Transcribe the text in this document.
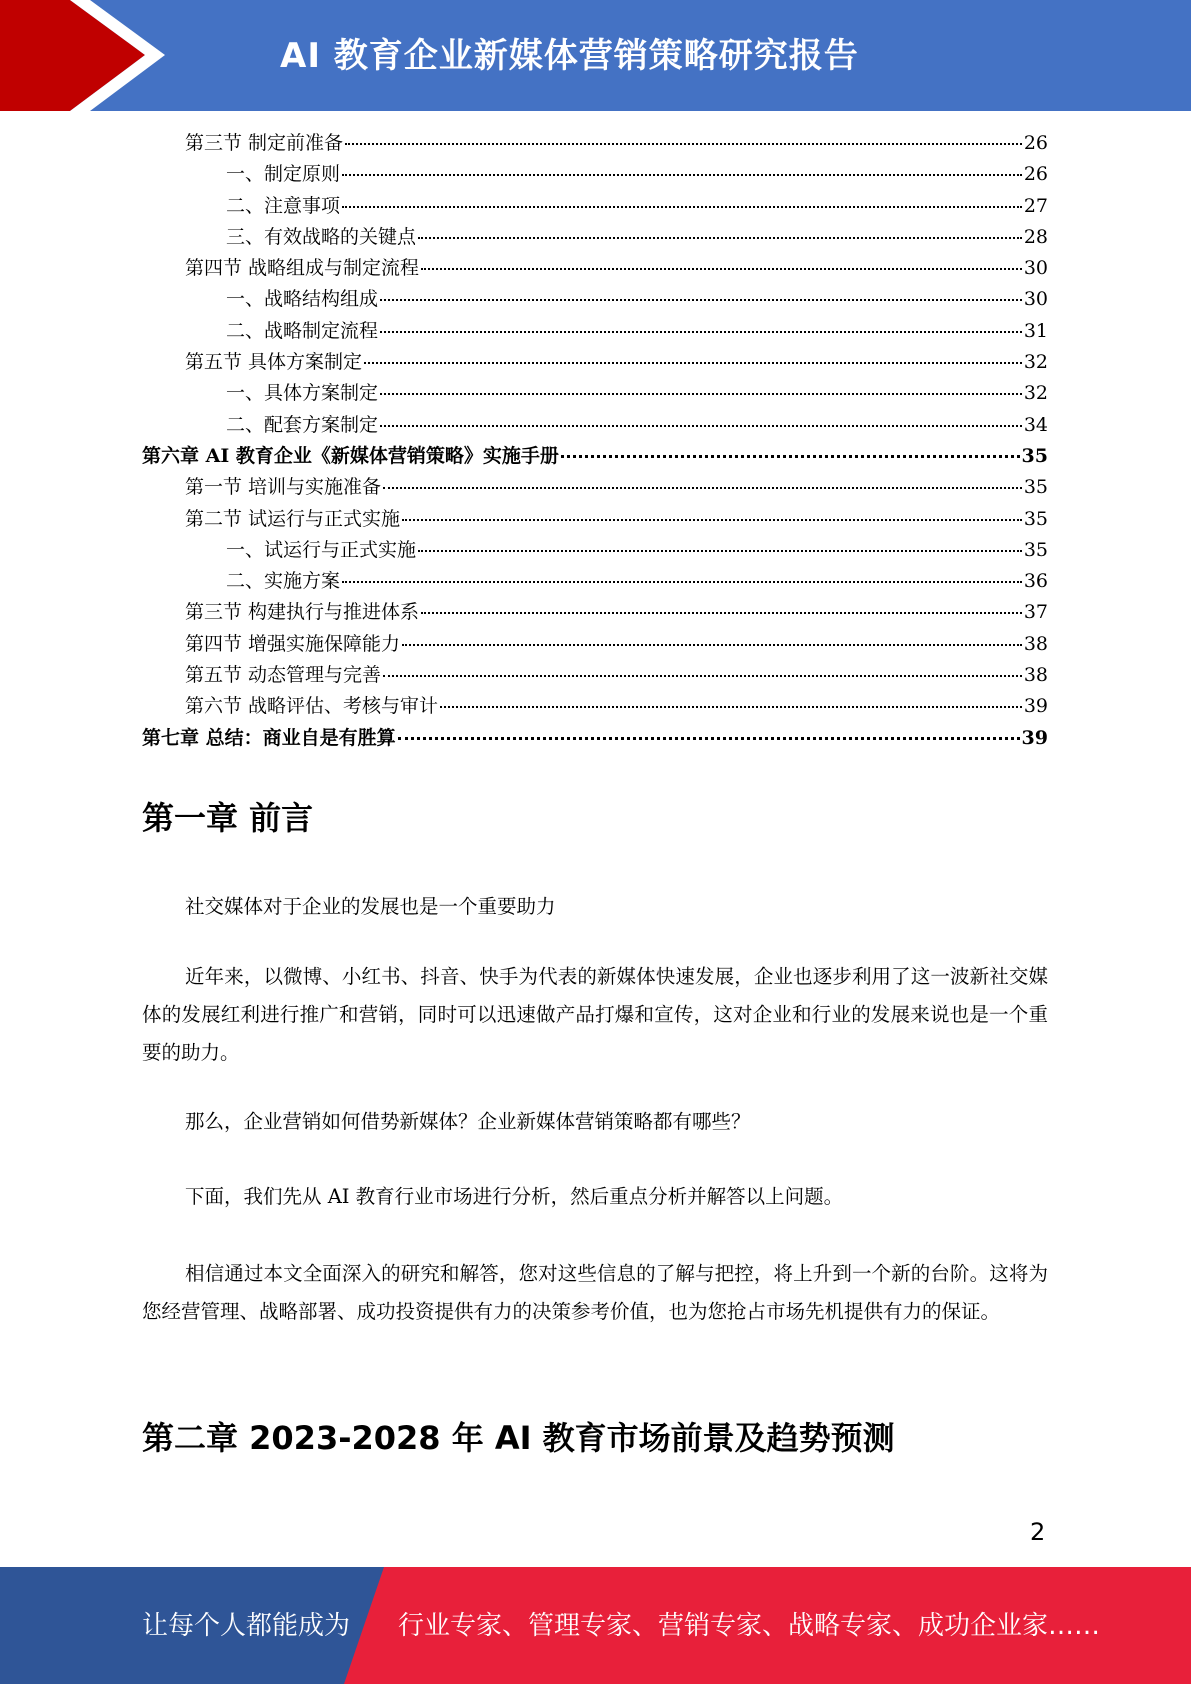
AI 教育企业新媒体营销策略研究报告
第三节 制定前准备	26
一、制定原则	26
二、注意事项	27
三、有效战略的关键点	28
第四节 战略组成与制定流程	30
一、战略结构组成	30
二、战略制定流程	31
第五节 具体方案制定	32
一、具体方案制定	32
二、配套方案制定	34
第六章 AI 教育企业《新媒体营销策略》实施手册	35
第一节 培训与实施准备	35
第二节 试运行与正式实施	35
一、试运行与正式实施	35
二、实施方案	36
第三节 构建执行与推进体系	37
第四节 增强实施保障能力	38
第五节 动态管理与完善	38
第六节 战略评估、考核与审计	39
第七章 总结：商业自是有胜算	39
第一章 前言

社交媒体对于企业的发展也是一个重要助力

近年来，以微博、小红书、抖音、快手为代表的新媒体快速发展，企业也逐步利用了这一波新社交媒体的发展红利进行推广和营销，同时可以迅速做产品打爆和宣传，这对企业和行业的发展来说也是一个重要的助力。

那么，企业营销如何借势新媒体？企业新媒体营销策略都有哪些？

下面，我们先从 AI 教育行业市场进行分析，然后重点分析并解答以上问题。

相信通过本文全面深入的研究和解答，您对这些信息的了解与把控，将上升到一个新的台阶。这将为您经营管理、战略部署、成功投资提供有力的决策参考价值，也为您抢占市场先机提供有力的保证。

第二章 2023-2028 年 AI 教育市场前景及趋势预测
2
让每个人都能成为 行业专家、管理专家、营销专家、战略专家、成功企业家……
